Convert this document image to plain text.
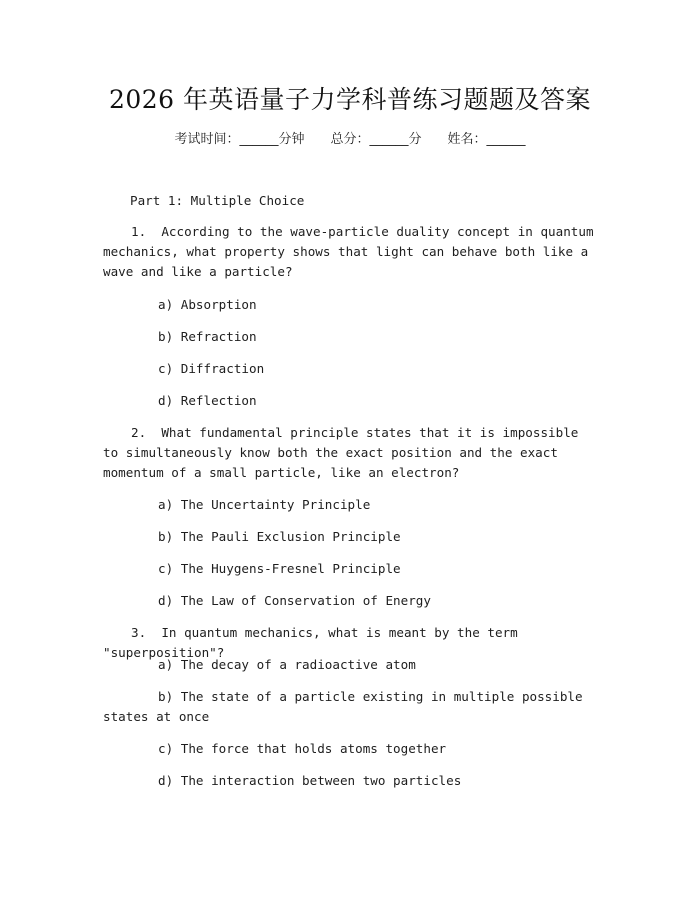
2026 年英语量子力学科普练习题题及答案
考试时间：______分钟 总分：______分 姓名：______
Part 1: Multiple Choice
1. According to the wave-particle duality concept in quantum mechanics, what property shows that light can behave both like a wave and like a particle?
a) Absorption
b) Refraction
c) Diffraction
d) Reflection
2. What fundamental principle states that it is impossible to simultaneously know both the exact position and the exact momentum of a small particle, like an electron?
a) The Uncertainty Principle
b) The Pauli Exclusion Principle
c) The Huygens-Fresnel Principle
d) The Law of Conservation of Energy
3. In quantum mechanics, what is meant by the term "superposition"?
a) The decay of a radioactive atom
b) The state of a particle existing in multiple possible states at once
c) The force that holds atoms together
d) The interaction between two particles
